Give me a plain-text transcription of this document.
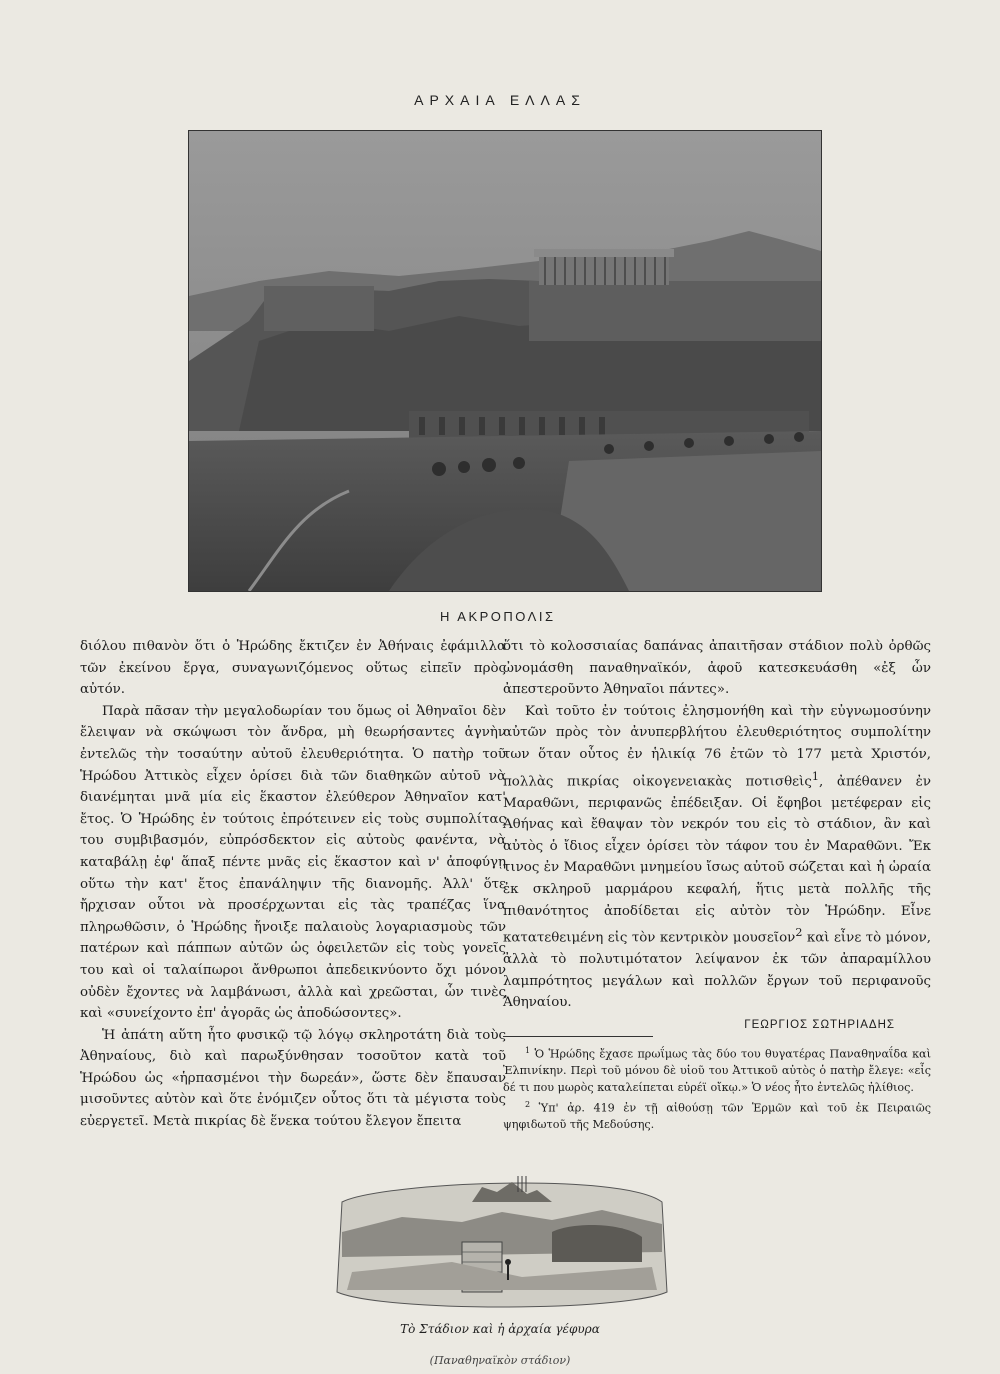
ΑΡΧΑΙΑ ΕΛΛΑΣ
Η ΑΚΡΟΠΟΛΙΣ

διόλου πιθανὸν ὅτι ὁ Ἡρώδης ἔκτιζεν ἐν Ἀθήναις ἐφάμιλλα τῶν ἐκείνου ἔργα, συναγωνιζόμενος οὕτως εἰπεῖν πρὸς αὐτόν.

Παρὰ πᾶσαν τὴν μεγαλοδωρίαν του ὅμως οἱ Ἀθηναῖοι δὲν ἔλειψαν νὰ σκώψωσι τὸν ἄνδρα, μὴ θεωρήσαντες ἁγνὴν ἐντελῶς τὴν τοσαύτην αὐτοῦ ἐλευθεριότητα. Ὁ πατὴρ τοῦ Ἡρώδου Ἀττικὸς εἶχεν ὁρίσει διὰ τῶν διαθηκῶν αὐτοῦ νὰ διανέμηται μνᾶ μία εἰς ἕκαστον ἐλεύθερον Ἀθηναῖον κατ' ἔτος. Ὁ Ἡρώδης ἐν τούτοις ἐπρότεινεν εἰς τοὺς συμπολίτας του συμβιβασμόν, εὐπρόσδεκτον εἰς αὐτοὺς φανέντα, νὰ καταβάλῃ ἐφ' ἅπαξ πέντε μνᾶς εἰς ἕκαστον καὶ ν' ἀποφύγῃ οὕτω τὴν κατ' ἔτος ἐπανάληψιν τῆς διανομῆς. Ἀλλ' ὅτε ἤρχισαν οὗτοι νὰ προσέρχωνται εἰς τὰς τραπέζας ἵνα πληρωθῶσιν, ὁ Ἡρώδης ἤνοιξε παλαιοὺς λογαριασμοὺς τῶν πατέρων καὶ πάππων αὐτῶν ὡς ὀφειλετῶν εἰς τοὺς γονεῖς του καὶ οἱ ταλαίπωροι ἄνθρωποι ἀπεδεικνύοντο ὄχι μόνον οὐδὲν ἔχοντες νὰ λαμβάνωσι, ἀλλὰ καὶ χρεῶσται, ὧν τινὲς καὶ «συνείχοντο ἐπ' ἀγορᾶς ὡς ἀποδώσοντες».

Ἡ ἀπάτη αὕτη ἦτο φυσικῷ τῷ λόγῳ σκληροτάτη διὰ τοὺς Ἀθηναίους, διὸ καὶ παρωξύνθησαν τοσοῦτον κατὰ τοῦ Ἡρώδου ὡς «ἡρπασμένοι τὴν δωρεάν», ὥστε δὲν ἔπαυσαν μισοῦντες αὐτὸν καὶ ὅτε ἐνόμιζεν οὗτος ὅτι τὰ μέγιστα τοὺς εὐεργετεῖ. Μετὰ πικρίας δὲ ἕνεκα τούτου ἔλεγον ἔπειτα

ὅτι τὸ κολοσσιαίας δαπάνας ἀπαιτῆσαν στάδιον πολὺ ὀρθῶς ὠνομάσθη παναθηναϊκόν, ἀφοῦ κατεσκευάσθη «ἐξ ὧν ἀπεστεροῦντο Ἀθηναῖοι πάντες».

Καὶ τοῦτο ἐν τούτοις ἐλησμονήθη καὶ τὴν εὐγνωμοσύνην αὐτῶν πρὸς τὸν ἀνυπερβλήτου ἐλευθεριότητος συμπολίτην των ὅταν οὗτος ἐν ἡλικίᾳ 76 ἐτῶν τὸ 177 μετὰ Χριστόν, πολλὰς πικρίας οἰκογενειακὰς ποτισθεὶς$^1$, ἀπέθανεν ἐν Μαραθῶνι, περιφανῶς ἐπέδειξαν. Οἱ ἔφηβοι μετέφεραν εἰς Ἀθήνας καὶ ἔθαψαν τὸν νεκρόν του εἰς τὸ στάδιον, ἂν καὶ αὐτὸς ὁ ἴδιος εἶχεν ὁρίσει τὸν τάφον του ἐν Μαραθῶνι. Ἔκ τινος ἐν Μαραθῶνι μνημείου ἴσως αὐτοῦ σώζεται καὶ ἡ ὡραία ἐκ σκληροῦ μαρμάρου κεφαλή, ἥτις μετὰ πολλῆς τῆς πιθανότητος ἀποδίδεται εἰς αὐτὸν τὸν Ἡρώδην. Εἶνε κατατεθειμένη εἰς τὸν κεντρικὸν μουσεῖον$^2$ καὶ εἶνε τὸ μόνον, ἀλλὰ τὸ πολυτιμότατον λείψανον ἐκ τῶν ἀπαραμίλλου λαμπρότητος μεγάλων καὶ πολλῶν ἔργων τοῦ περιφανοῦς Ἀθηναίου.

ΓΕΩΡΓΙΟΣ ΣΩΤΗΡΙΑΔΗΣ

$^1$ Ὁ Ἡρώδης ἔχασε πρωΐμως τὰς δύο του θυγατέρας Παναθηναΐδα καὶ Ἐλπινίκην. Περὶ τοῦ μόνου δὲ υἱοῦ του Ἀττικοῦ αὐτὸς ὁ πατὴρ ἔλεγε: «εἷς δέ τι που μωρὸς καταλείπεται εὐρέϊ οἴκῳ.» Ὁ νέος ἦτο ἐντελῶς ἠλίθιος.

$^2$ Ὑπ' ἀρ. 419 ἐν τῇ αἰθούσῃ τῶν Ἑρμῶν καὶ τοῦ ἐκ Πειραιῶς ψηφιδωτοῦ τῆς Μεδούσης.

Τὸ Στάδιον καὶ ἡ ἀρχαία γέφυρα
(Παναθηναϊκὸν στάδιον)
